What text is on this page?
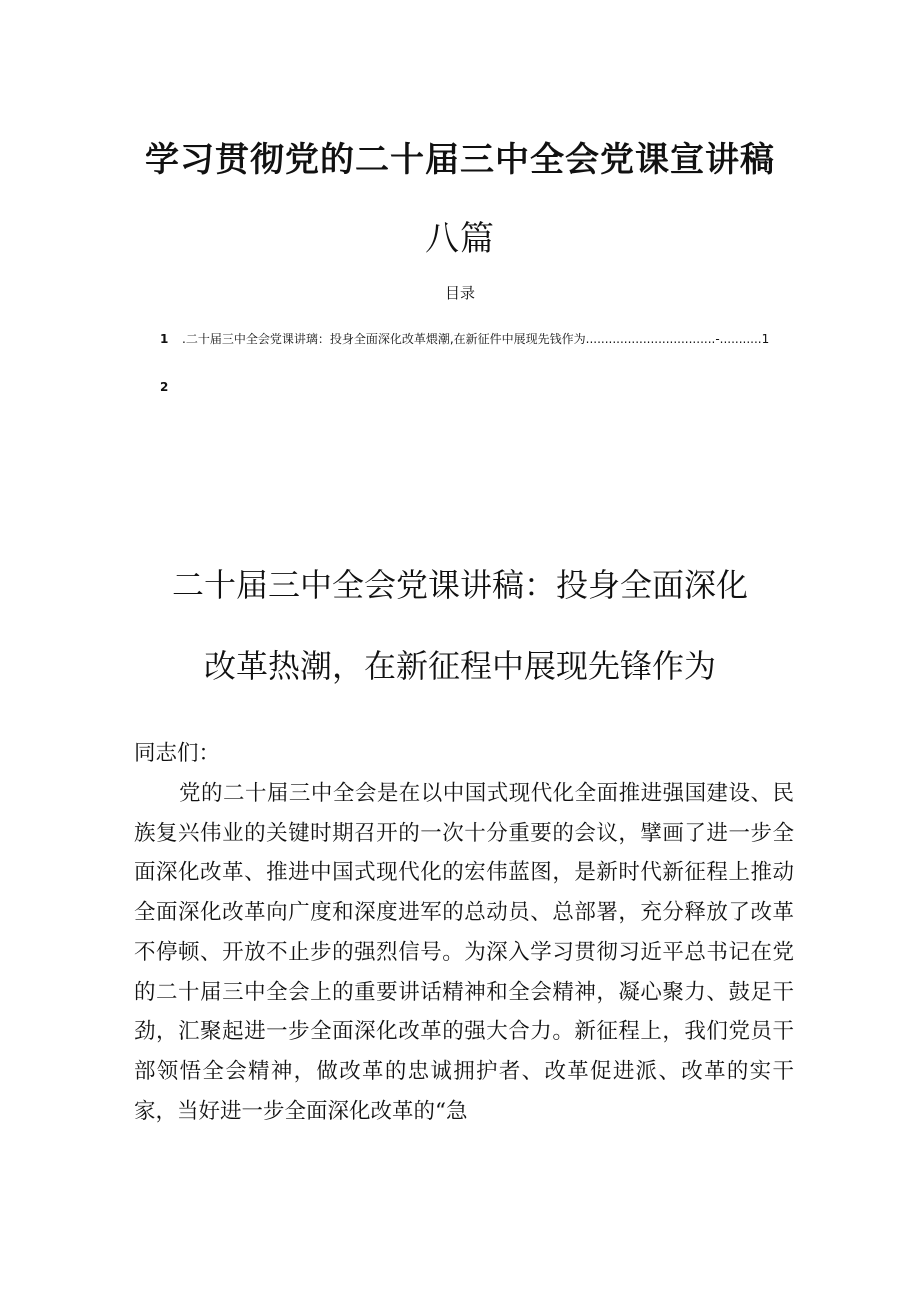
学习贯彻党的二十届三中全会党课宣讲稿
八篇
目录
1 .二十届三中全会党课讲璃：投身全面深化改革煨潮,在新征件中展现先钱作为..................................-...........1
2
二十届三中全会党课讲稿：投身全面深化
改革热潮，在新征程中展现先锋作为
同志们：
党的二十届三中全会是在以中国式现代化全面推进强国建设、民族复兴伟业的关键时期召开的一次十分重要的会议，擘画了进一步全面深化改革、推进中国式现代化的宏伟蓝图，是新时代新征程上推动全面深化改革向广度和深度进军的总动员、总部署，充分释放了改革不停顿、开放不止步的强烈信号。为深入学习贯彻习近平总书记在党的二十届三中全会上的重要讲话精神和全会精神，凝心聚力、鼓足干劲，汇聚起进一步全面深化改革的强大合力。新征程上，我们党员干部领悟全会精神，做改革的忠诚拥护者、改革促进派、改革的实干家，当好进一步全面深化改革的“急
